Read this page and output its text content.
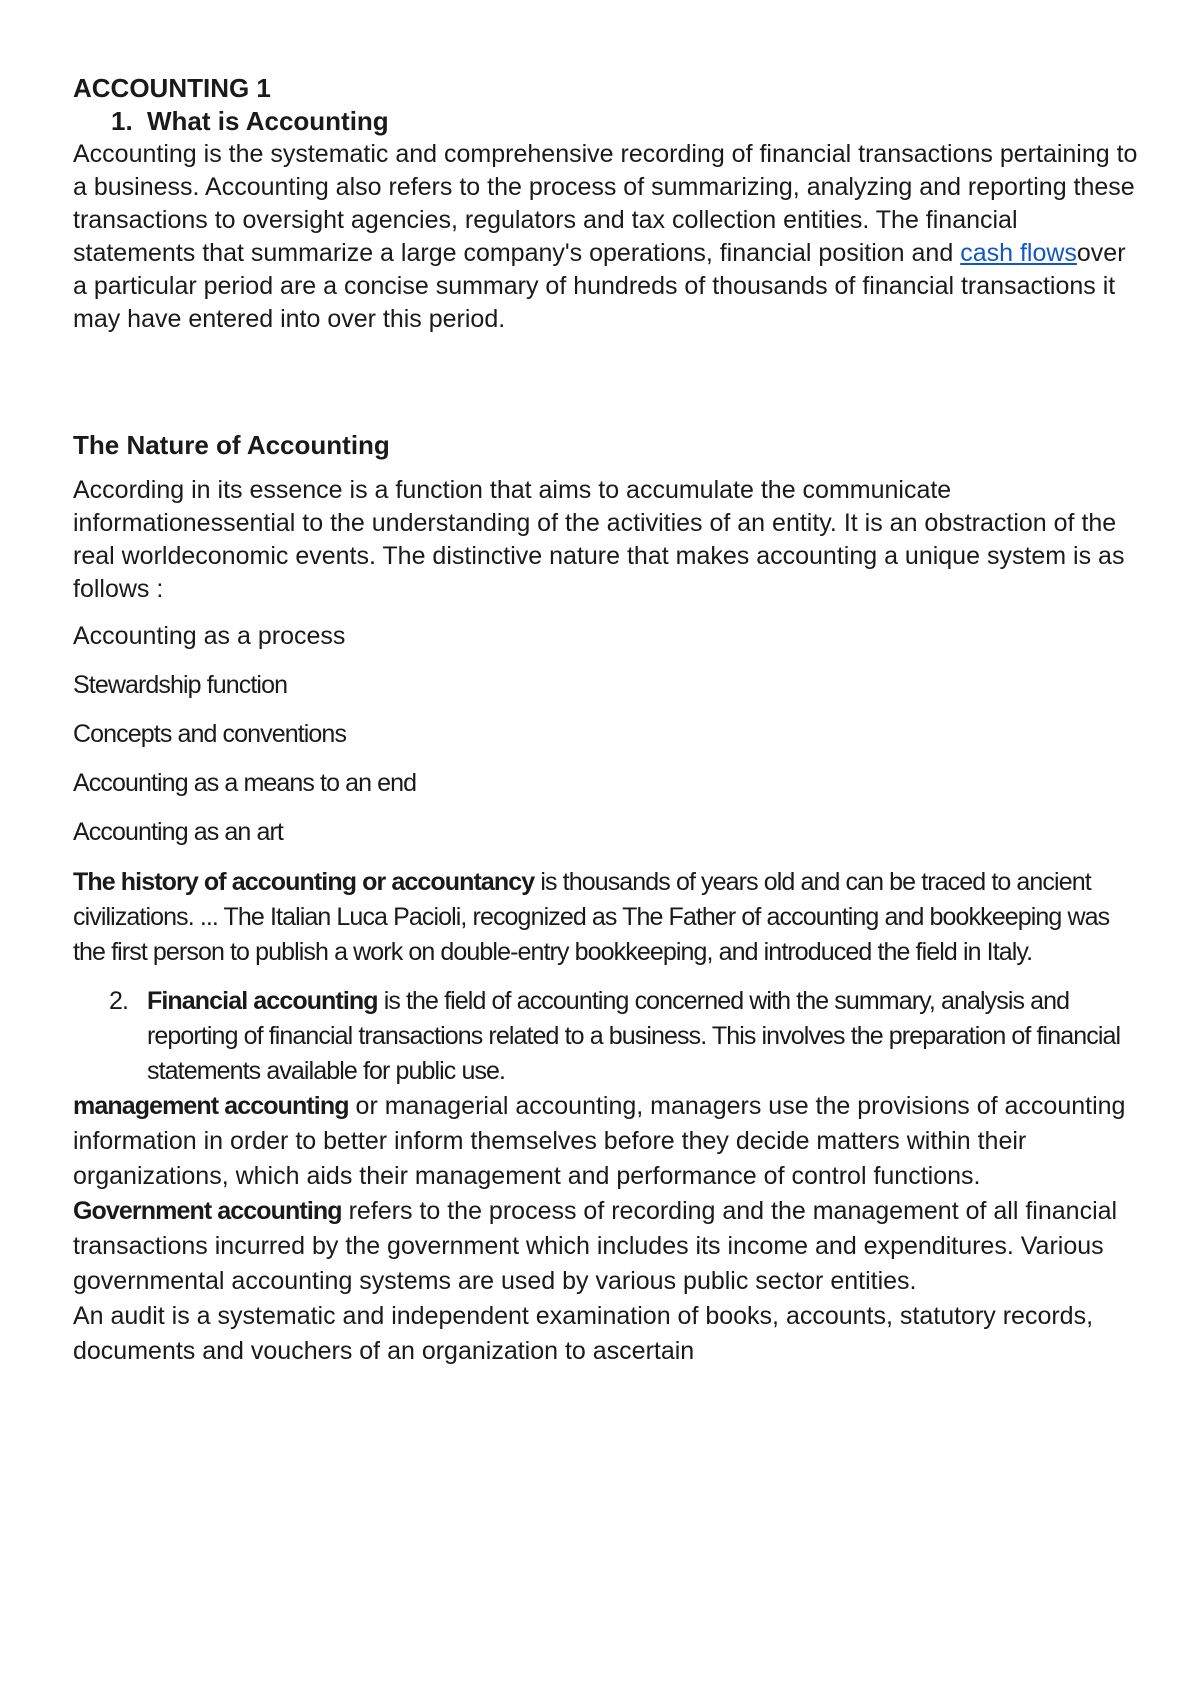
ACCOUNTING 1
1. What is Accounting

Accounting is the systematic and comprehensive recording of financial transactions pertaining to a business. Accounting also refers to the process of summarizing, analyzing and reporting these transactions to oversight agencies, regulators and tax collection entities. The financial statements that summarize a large company's operations, financial position and cash flowsover a particular period are a concise summary of hundreds of thousands of financial transactions it may have entered into over this period.

The Nature of Accounting

According in its essence is a function that aims to accumulate the communicate informationessential to the understanding of the activities of an entity. It is an obstraction of the real worldeconomic events. The distinctive nature that makes accounting a unique system is as follows :

Accounting as a process
Stewardship function
Concepts and conventions
Accounting as a means to an end
Accounting as an art

The history of accounting or accountancy is thousands of years old and can be traced to ancient civilizations. ... The Italian Luca Pacioli, recognized as The Father of accounting and bookkeeping was the first person to publish a work on double-entry bookkeeping, and introduced the field in Italy.

2. Financial accounting is the field of accounting concerned with the summary, analysis and reporting of financial transactions related to a business. This involves the preparation of financial statements available for public use.

management accounting or managerial accounting, managers use the provisions of accounting information in order to better inform themselves before they decide matters within their organizations, which aids their management and performance of control functions.

Government accounting refers to the process of recording and the management of all financial transactions incurred by the government which includes its income and expenditures. Various governmental accounting systems are used by various public sector entities.

An audit is a systematic and independent examination of books, accounts, statutory records, documents and vouchers of an organization to ascertain
